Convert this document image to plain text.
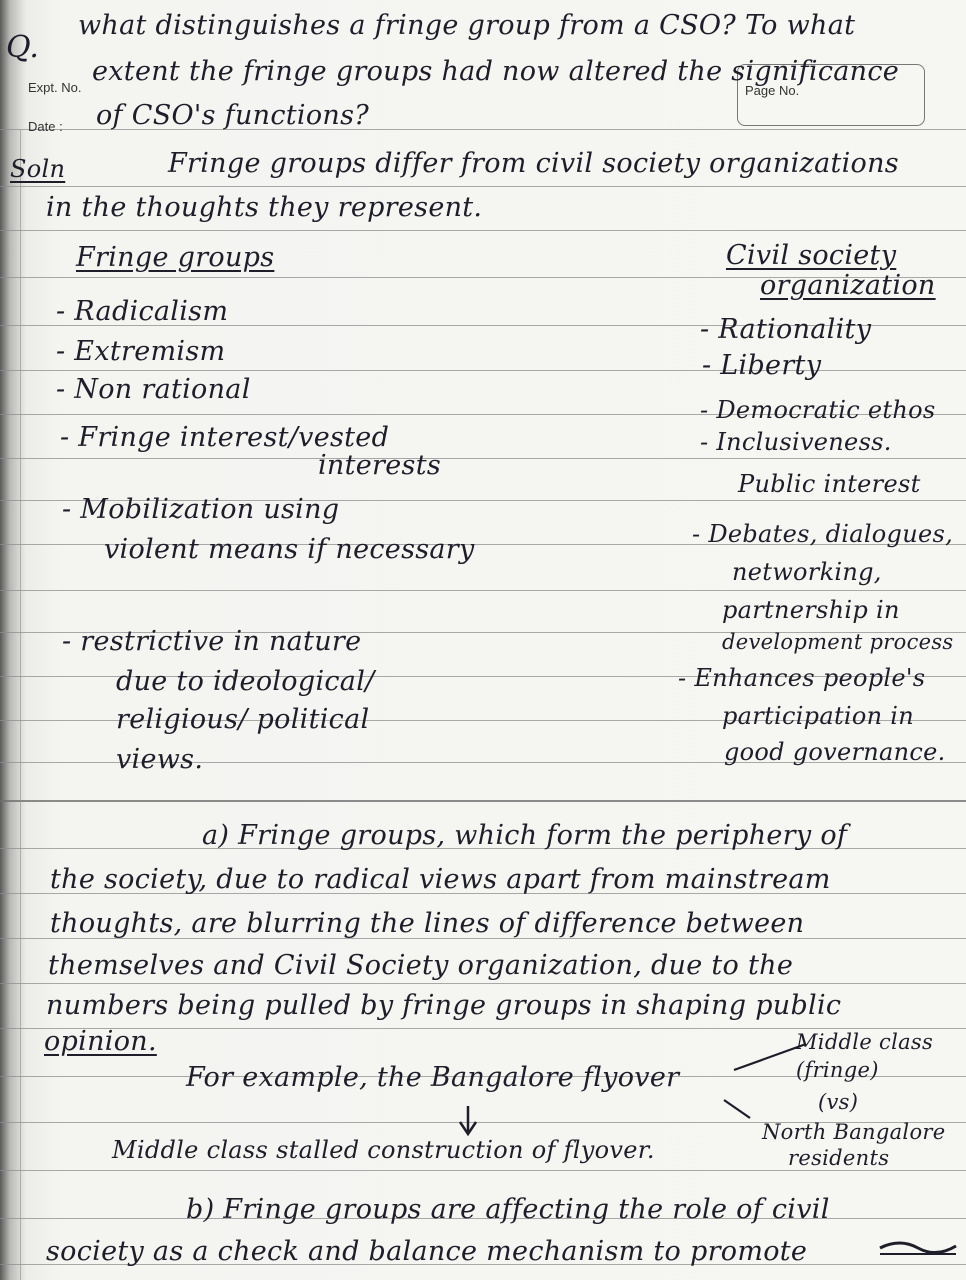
Expt. No.
Date :
Page No.
Q.
what distinguishes a fringe group from a CSO? To what
extent the fringe groups had now altered the significance
of CSO's functions?
Soln	Fringe groups differ from civil society organizations
in the thoughts they represent.
Fringe groups
- Radicalism
- Extremism
- Non rational
- Fringe interest/vested
interests
- Mobilization using
violent means if necessary
- restrictive in nature
due to ideological/
religious/ political
views.
Civil society
organization
- Rationality
- Liberty
- Democratic ethos
- Inclusiveness.
Public interest
- Debates, dialogues,
networking,
partnership in
development process
- Enhances people's
participation in
good governance.
a) Fringe groups, which form the periphery of
the society, due to radical views apart from mainstream
thoughts, are blurring the lines of difference between
themselves and Civil Society organization, due to the
numbers being pulled by fringe groups in shaping public
opinion.
For example, the Bangalore flyover
Middle class
(fringe)
(vs)
North Bangalore
residents
Middle class stalled construction of flyover.
b) Fringe groups are affecting the role of civil
society as a check and balance mechanism to promote
